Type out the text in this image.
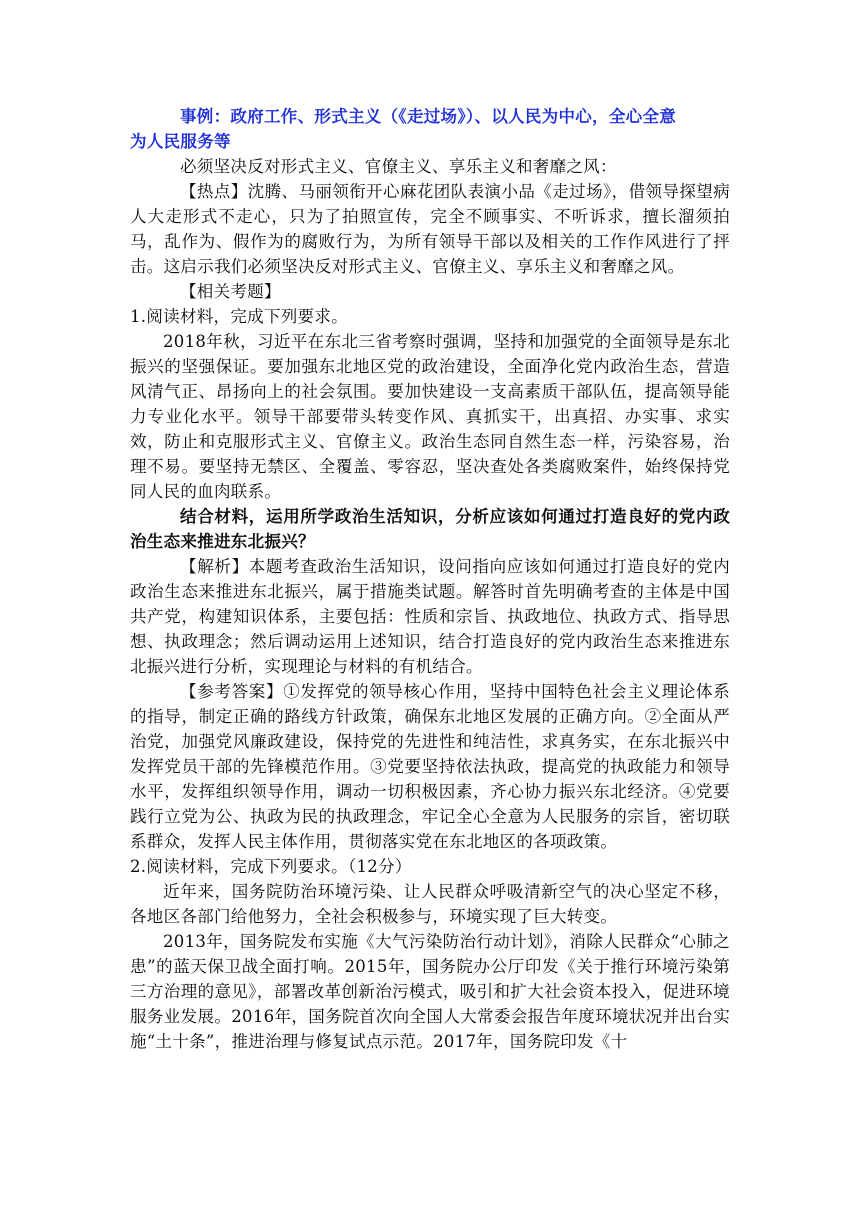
事例：政府工作、形式主义（《走过场》）、以人民为中心，全心全意

为人民服务等

必须坚决反对形式主义、官僚主义、享乐主义和奢靡之风：

【热点】沈腾、马丽领衔开心麻花团队表演小品《走过场》，借领导探望病人大走形式不走心，只为了拍照宣传，完全不顾事实、不听诉求，擅长溜须拍马，乱作为、假作为的腐败行为，为所有领导干部以及相关的工作作风进行了抨击。这启示我们必须坚决反对形式主义、官僚主义、享乐主义和奢靡之风。

【相关考题】

1.阅读材料，完成下列要求。

2018年秋，习近平在东北三省考察时强调，坚持和加强党的全面领导是东北振兴的坚强保证。要加强东北地区党的政治建设，全面净化党内政治生态，营造风清气正、昂扬向上的社会氛围。要加快建设一支高素质干部队伍，提高领导能力专业化水平。领导干部要带头转变作风、真抓实干，出真招、办实事、求实效，防止和克服形式主义、官僚主义。政治生态同自然生态一样，污染容易，治理不易。要坚持无禁区、全覆盖、零容忍，坚决查处各类腐败案件，始终保持党同人民的血肉联系。

结合材料，运用所学政治生活知识，分析应该如何通过打造良好的党内政治生态来推进东北振兴？

【解析】本题考查政治生活知识，设问指向应该如何通过打造良好的党内政治生态来推进东北振兴，属于措施类试题。解答时首先明确考查的主体是中国共产党，构建知识体系，主要包括：性质和宗旨、执政地位、执政方式、指导思想、执政理念；然后调动运用上述知识，结合打造良好的党内政治生态来推进东北振兴进行分析，实现理论与材料的有机结合。

【参考答案】①发挥党的领导核心作用，坚持中国特色社会主义理论体系的指导，制定正确的路线方针政策，确保东北地区发展的正确方向。②全面从严治党，加强党风廉政建设，保持党的先进性和纯洁性，求真务实，在东北振兴中发挥党员干部的先锋模范作用。③党要坚持依法执政，提高党的执政能力和领导水平，发挥组织领导作用，调动一切积极因素，齐心协力振兴东北经济。④党要践行立党为公、执政为民的执政理念，牢记全心全意为人民服务的宗旨，密切联系群众，发挥人民主体作用，贯彻落实党在东北地区的各项政策。

2.阅读材料，完成下列要求。（12分）

近年来，国务院防治环境污染、让人民群众呼吸清新空气的决心坚定不移，各地区各部门给他努力，全社会积极参与，环境实现了巨大转变。

2013年，国务院发布实施《大气污染防治行动计划》，消除人民群众“心肺之患”的蓝天保卫战全面打响。2015年，国务院办公厅印发《关于推行环境污染第三方治理的意见》，部署改革创新治污模式，吸引和扩大社会资本投入，促进环境服务业发展。2016年，国务院首次向全国人大常委会报告年度环境状况并出台实施“土十条”，推进治理与修复试点示范。2017年，国务院印发《十
